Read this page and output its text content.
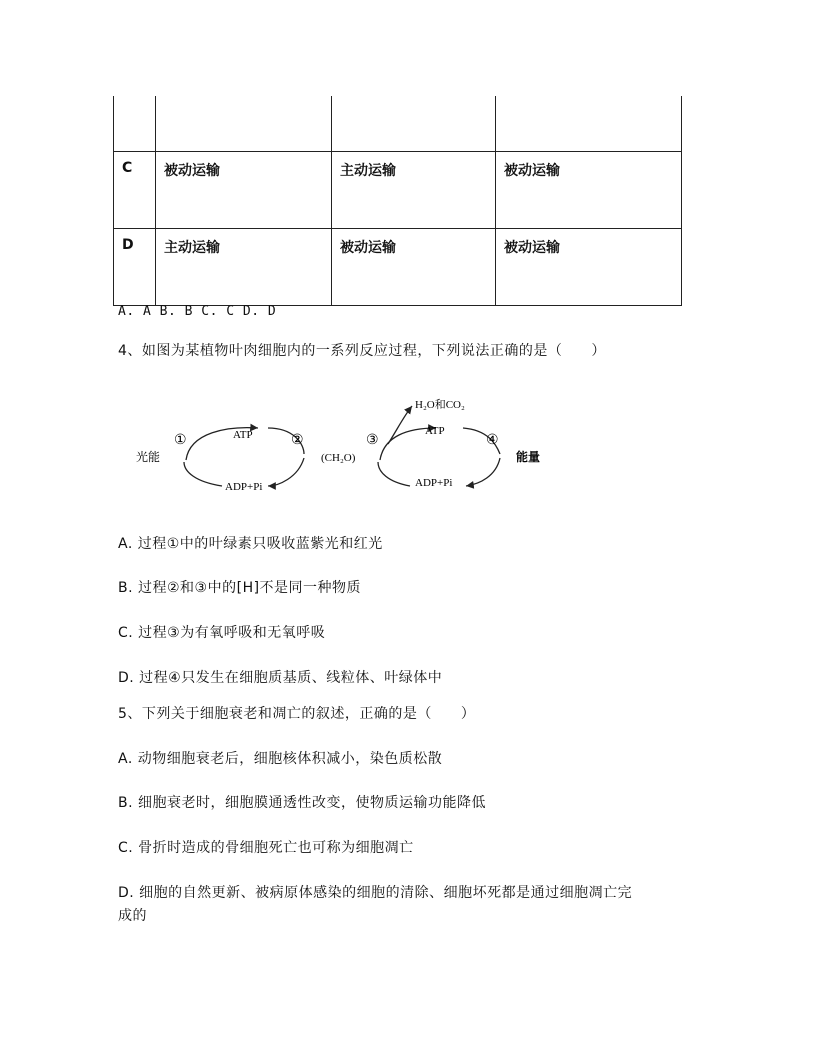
C	被动运输	主动运输	被动运输
D	主动运输	被动运输	被动运输
A. A B. B C. C D. D
4、如图为某植物叶肉细胞内的一系列反应过程，下列说法正确的是（　　）
光能
①	ATP	②
(CH₂O)
③
H₂O和CO₂
ATP
④
能量
ADP+Pi	ADP+Pi
A. 过程①中的叶绿素只吸收蓝紫光和红光
B. 过程②和③中的[H]不是同一种物质
C. 过程③为有氧呼吸和无氧呼吸
D. 过程④只发生在细胞质基质、线粒体、叶绿体中
5、下列关于细胞衰老和凋亡的叙述，正确的是（　　）
A. 动物细胞衰老后，细胞核体积减小，染色质松散
B. 细胞衰老时，细胞膜通透性改变，使物质运输功能降低
C. 骨折时造成的骨细胞死亡也可称为细胞凋亡
D. 细胞的自然更新、被病原体感染的细胞的清除、细胞坏死都是通过细胞凋亡完
成的
